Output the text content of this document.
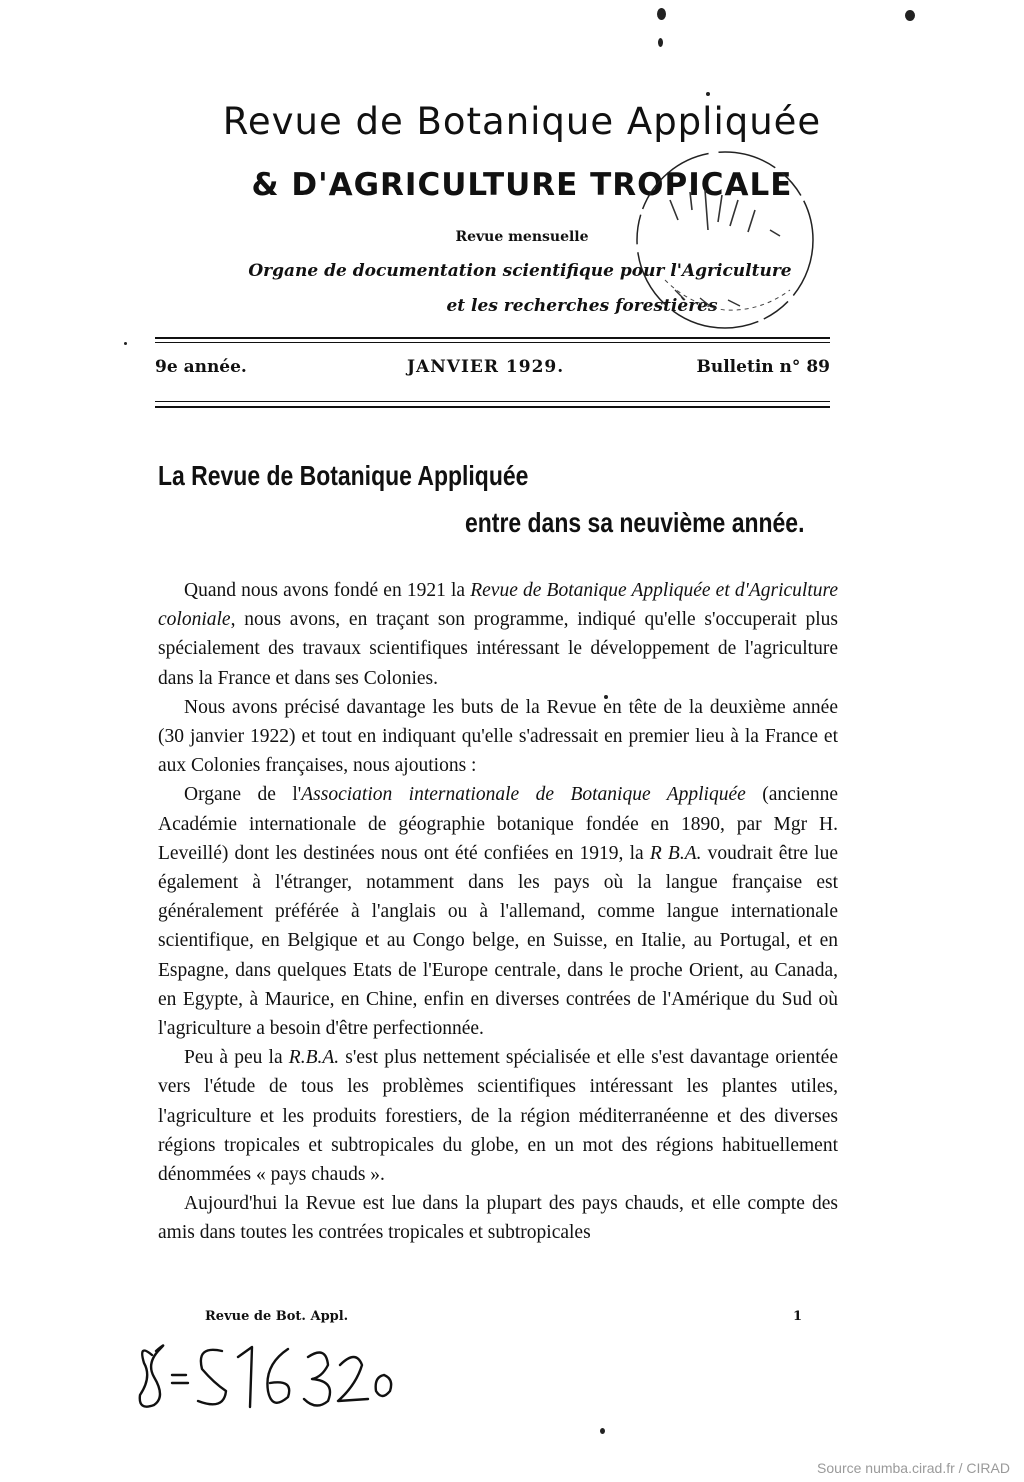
Revue de Botanique Appliquée
& D'AGRICULTURE TROPICALE
Revue mensuelle
Organe de documentation scientifique pour l'Agriculture
et les recherches forestières
9e année.	JANVIER 1929.	Bulletin n° 89
La Revue de Botanique Appliquée
entre dans sa neuvième année.

Quand nous avons fondé en 1921 la Revue de Botanique Appliquée et d'Agriculture coloniale, nous avons, en traçant son programme, indiqué qu'elle s'occuperait plus spécialement des travaux scientifiques intéressant le développement de l'agriculture dans la France et dans ses Colonies.

Nous avons précisé davantage les buts de la Revue en tête de la deuxième année (30 janvier 1922) et tout en indiquant qu'elle s'adressait en premier lieu à la France et aux Colonies françaises, nous ajoutions :

Organe de l'Association internationale de Botanique Appliquée (ancienne Académie internationale de géographie botanique fondée en 1890, par Mgr H. Leveillé) dont les destinées nous ont été confiées en 1919, la R B.A. voudrait être lue également à l'étranger, notamment dans les pays où la langue française est généralement préférée à l'anglais ou à l'allemand, comme langue internationale scientifique, en Belgique et au Congo belge, en Suisse, en Italie, au Portugal, et en Espagne, dans quelques Etats de l'Europe centrale, dans le proche Orient, au Canada, en Egypte, à Maurice, en Chine, enfin en diverses contrées de l'Amérique du Sud où l'agriculture a besoin d'être perfectionnée.

Peu à peu la R.B.A. s'est plus nettement spécialisée et elle s'est davantage orientée vers l'étude de tous les problèmes scientifiques intéressant les plantes utiles, l'agriculture et les produits forestiers, de la région méditerranéenne et des diverses régions tropicales et subtropicales du globe, en un mot des régions habituellement dénommées « pays chauds ».

Aujourd'hui la Revue est lue dans la plupart des pays chauds, et elle compte des amis dans toutes les contrées tropicales et subtropicales

Revue de Bot. Appl.	1
Source numba.cirad.fr / CIRAD
